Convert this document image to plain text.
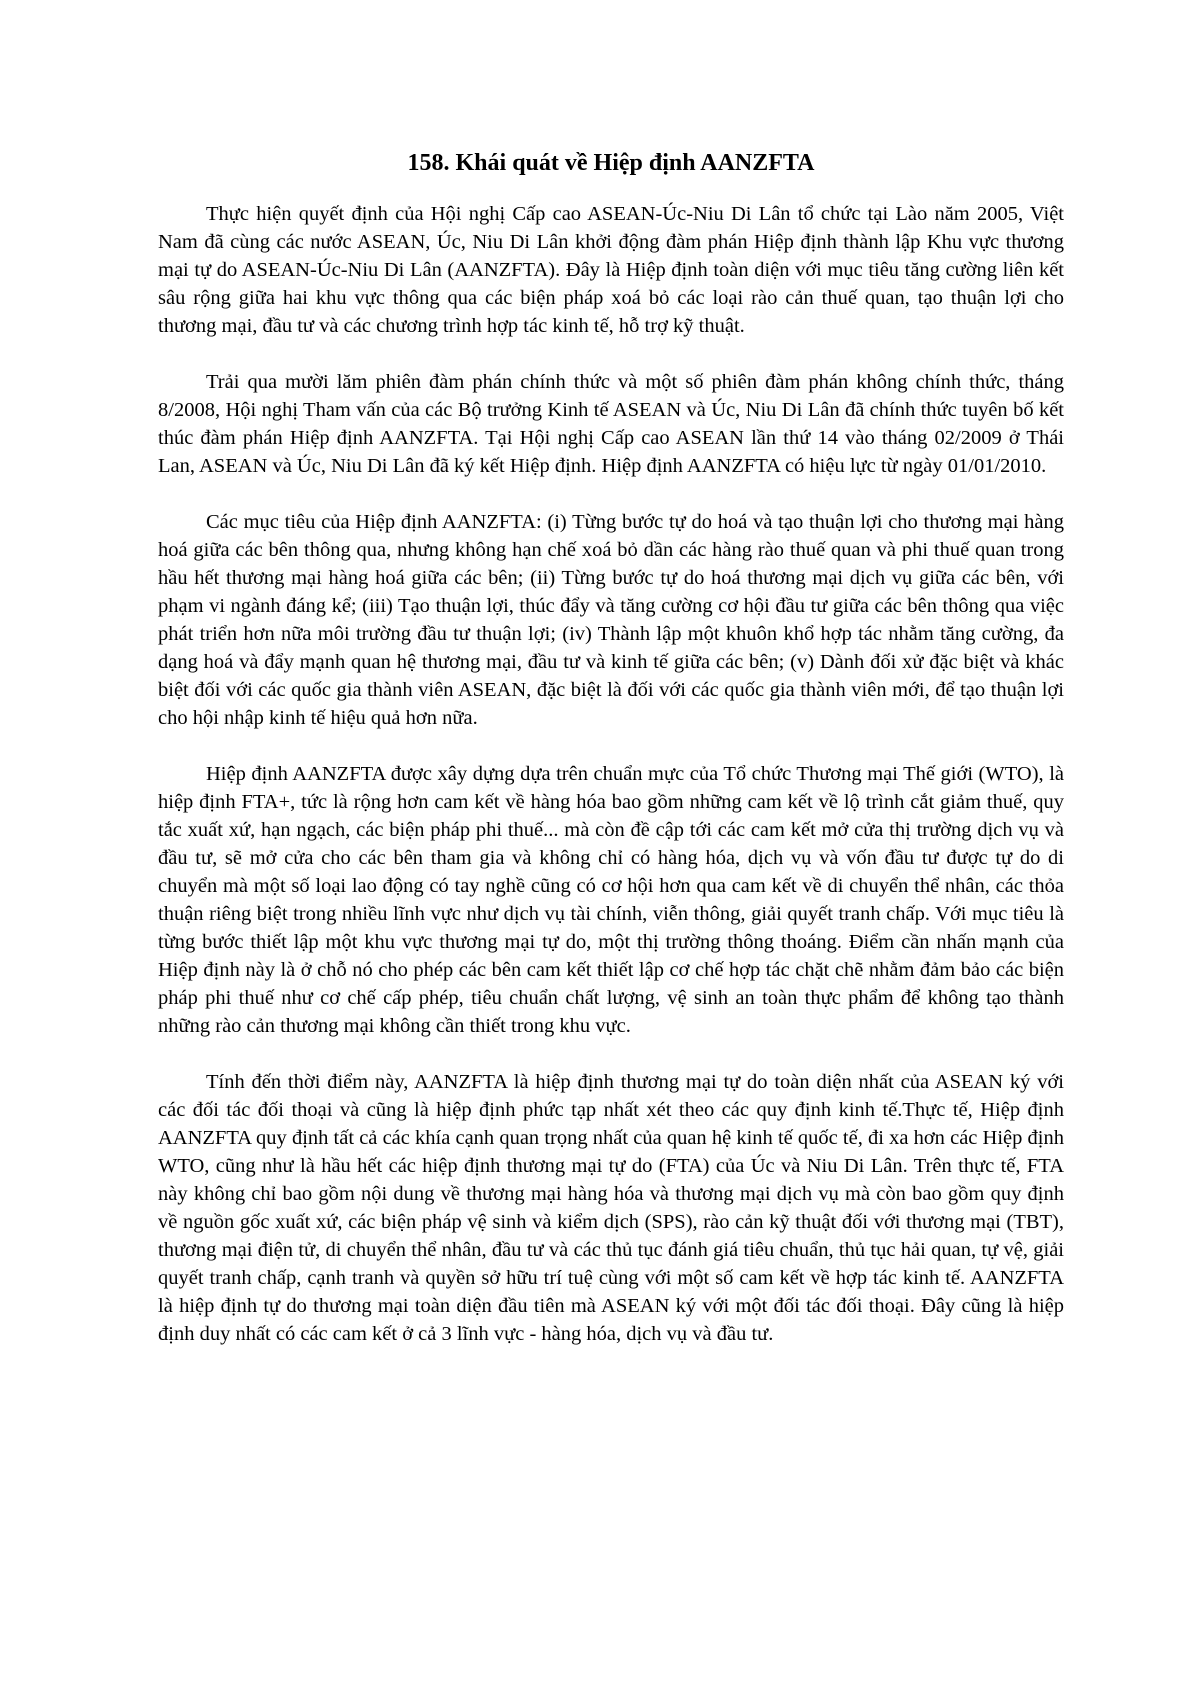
158. Khái quát về Hiệp định AANZFTA

Thực hiện quyết định của Hội nghị Cấp cao ASEAN-Úc-Niu Di Lân tổ chức tại Lào năm 2005, Việt Nam đã cùng các nước ASEAN, Úc, Niu Di Lân khởi động đàm phán Hiệp định thành lập Khu vực thương mại tự do ASEAN-Úc-Niu Di Lân (AANZFTA). Đây là Hiệp định toàn diện với mục tiêu tăng cường liên kết sâu rộng giữa hai khu vực thông qua các biện pháp xoá bỏ các loại rào cản thuế quan, tạo thuận lợi cho thương mại, đầu tư và các chương trình hợp tác kinh tế, hỗ trợ kỹ thuật.

Trải qua mười lăm phiên đàm phán chính thức và một số phiên đàm phán không chính thức, tháng 8/2008, Hội nghị Tham vấn của các Bộ trưởng Kinh tế ASEAN và Úc, Niu Di Lân đã chính thức tuyên bố kết thúc đàm phán Hiệp định AANZFTA. Tại Hội nghị Cấp cao ASEAN lần thứ 14 vào tháng 02/2009 ở Thái Lan, ASEAN và Úc, Niu Di Lân đã ký kết Hiệp định. Hiệp định AANZFTA có hiệu lực từ ngày 01/01/2010.

Các mục tiêu của Hiệp định AANZFTA: (i) Từng bước tự do hoá và tạo thuận lợi cho thương mại hàng hoá giữa các bên thông qua, nhưng không hạn chế xoá bỏ dần các hàng rào thuế quan và phi thuế quan trong hầu hết thương mại hàng hoá giữa các bên; (ii) Từng bước tự do hoá thương mại dịch vụ giữa các bên, với phạm vi ngành đáng kể; (iii) Tạo thuận lợi, thúc đẩy và tăng cường cơ hội đầu tư giữa các bên thông qua việc phát triển hơn nữa môi trường đầu tư thuận lợi; (iv) Thành lập một khuôn khổ hợp tác nhằm tăng cường, đa dạng hoá và đẩy mạnh quan hệ thương mại, đầu tư và kinh tế giữa các bên; (v) Dành đối xử đặc biệt và khác biệt đối với các quốc gia thành viên ASEAN, đặc biệt là đối với các quốc gia thành viên mới, để tạo thuận lợi cho hội nhập kinh tế hiệu quả hơn nữa.

Hiệp định AANZFTA được xây dựng dựa trên chuẩn mực của Tổ chức Thương mại Thế giới (WTO), là hiệp định FTA+, tức là rộng hơn cam kết về hàng hóa bao gồm những cam kết về lộ trình cắt giảm thuế, quy tắc xuất xứ, hạn ngạch, các biện pháp phi thuế... mà còn đề cập tới các cam kết mở cửa thị trường dịch vụ và đầu tư, sẽ mở cửa cho các bên tham gia và không chỉ có hàng hóa, dịch vụ và vốn đầu tư được tự do di chuyển mà một số loại lao động có tay nghề cũng có cơ hội hơn qua cam kết về di chuyển thể nhân, các thỏa thuận riêng biệt trong nhiều lĩnh vực như dịch vụ tài chính, viễn thông, giải quyết tranh chấp. Với mục tiêu là từng bước thiết lập một khu vực thương mại tự do, một thị trường thông thoáng. Điểm cần nhấn mạnh của Hiệp định này là ở chỗ nó cho phép các bên cam kết thiết lập cơ chế hợp tác chặt chẽ nhằm đảm bảo các biện pháp phi thuế như cơ chế cấp phép, tiêu chuẩn chất lượng, vệ sinh an toàn thực phẩm để không tạo thành những rào cản thương mại không cần thiết trong khu vực.

Tính đến thời điểm này, AANZFTA là hiệp định thương mại tự do toàn diện nhất của ASEAN ký với các đối tác đối thoại và cũng là hiệp định phức tạp nhất xét theo các quy định kinh tế.Thực tế, Hiệp định AANZFTA quy định tất cả các khía cạnh quan trọng nhất của quan hệ kinh tế quốc tế, đi xa hơn các Hiệp định WTO, cũng như là hầu hết các hiệp định thương mại tự do (FTA) của Úc và Niu Di Lân. Trên thực tế, FTA này không chỉ bao gồm nội dung về thương mại hàng hóa và thương mại dịch vụ mà còn bao gồm quy định về nguồn gốc xuất xứ, các biện pháp vệ sinh và kiểm dịch (SPS), rào cản kỹ thuật đối với thương mại (TBT), thương mại điện tử, di chuyển thể nhân, đầu tư và các thủ tục đánh giá tiêu chuẩn, thủ tục hải quan, tự vệ, giải quyết tranh chấp, cạnh tranh và quyền sở hữu trí tuệ cùng với một số cam kết về hợp tác kinh tế. AANZFTA là hiệp định tự do thương mại toàn diện đầu tiên mà ASEAN ký với một đối tác đối thoại. Đây cũng là hiệp định duy nhất có các cam kết ở cả 3 lĩnh vực - hàng hóa, dịch vụ và đầu tư.
